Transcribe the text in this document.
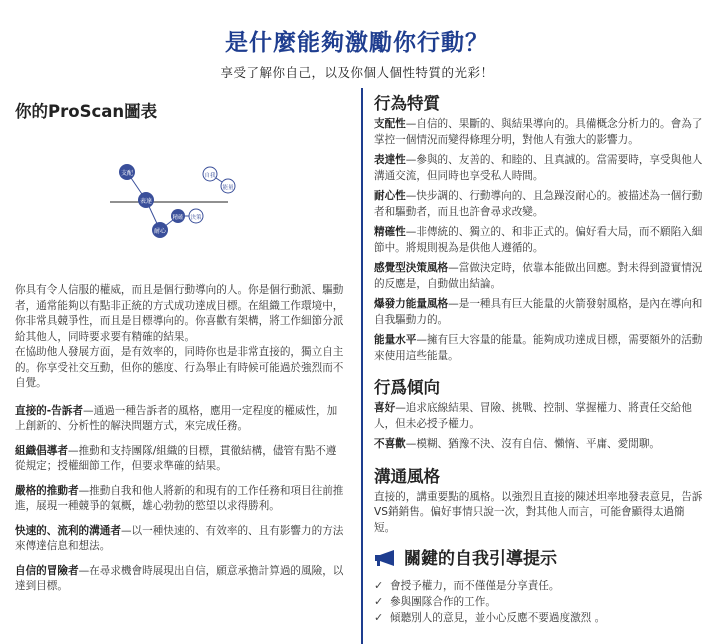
是什麼能夠激勵你行動？
享受了解你自己，以及你個人個性特質的光彩！
你的ProScan圖表
支配
表達
耐心
精確 決策
自我
能量
你具有令人信服的權威，而且是個行動導向的人。你是個行動派、驅動者，通常能夠以有點非正統的方式成功達成目標。在組織工作環境中，你非常具競爭性，而且是目標導向的。你喜歡有架構，將工作細節分派給其他人，同時要求要有精確的結果。
在協助他人發展方面，是有效率的，同時你也是非常直接的，獨立自主的。你享受社交互動，但你的態度、行為舉止有時候可能過於強烈而不自覺。
直接的-告訴者—通過一種告訴者的風格，應用一定程度的權威性，加上創新的、分析性的解決問題方式，來完成任務。
組織倡導者—推動和支持團隊/組織的目標，貫徹結構，儘管有點不遵從規定；授權細節工作，但要求準確的結果。
嚴格的推動者—推動自我和他人將新的和現有的工作任務和項目往前推進，展現一種競爭的氣概，雄心勃勃的慾望以求得勝利。
快速的、流利的溝通者—以一種快速的、有效率的、且有影響力的方法來傳達信息和想法。
自信的冒險者—在尋求機會時展現出自信，願意承擔計算過的風險，以達到目標。
行為特質
支配性—自信的、果斷的、與結果導向的。具備概念分析力的。會為了掌控一個情況而變得條理分明，對他人有強大的影響力。
表達性—參與的、友善的、和睦的、且真誠的。當需要時，享受與他人溝通交流，但同時也享受私人時間。
耐心性—快步調的、行動導向的、且急躁沒耐心的。被描述為一個行動者和驅動者，而且也許會尋求改變。
精確性—非傳統的、獨立的、和非正式的。偏好看大局，而不願陷入細節中。將規則視為是供他人遵循的。
感覺型決策風格—當做決定時，依靠本能做出回應。對未得到證實情況的反應是，自動做出結論。
爆發力能量風格—是一種具有巨大能量的火箭發射風格，是內在導向和自我驅動力的。
能量水平—擁有巨大容量的能量。能夠成功達成目標，需要額外的活動來使用這些能量。
行爲傾向
喜好—追求底線結果、冒險、挑戰、控制、掌握權力、將責任交給他人，但未必授予權力。
不喜歡—模糊、猶豫不決、沒有自信、懶惰、平庸、愛閒聊。
溝通風格
直接的，講重要點的風格。以強烈且直接的陳述坦率地發表意見，告訴VS銷銷售。偏好事情只說一次，對其他人而言，可能會顯得太過簡短。
關鍵的自我引導提示
✓ 會授予權力，而不僅僅是分享責任。
✓ 參與團隊合作的工作。
✓ 傾聽別人的意見，並小心反應不要過度激烈 。
